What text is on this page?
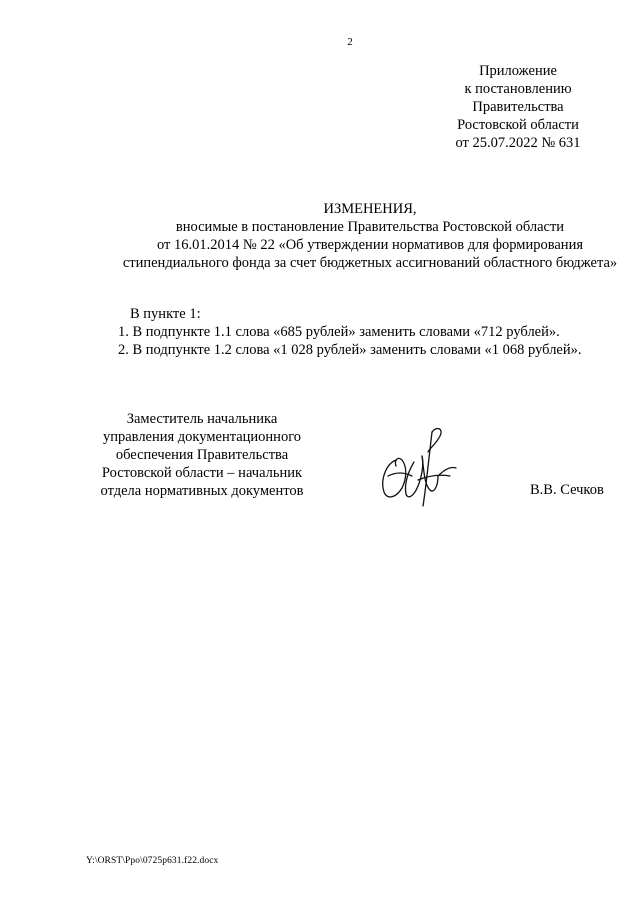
2
Приложение
к постановлению
Правительства
Ростовской области
от 25.07.2022 № 631
ИЗМЕНЕНИЯ,
вносимые в постановление Правительства Ростовской области
от 16.01.2014 № 22 «Об утверждении нормативов для формирования
стипендиального фонда за счет бюджетных ассигнований областного бюджета»
В пункте 1:
1. В подпункте 1.1 слова «685 рублей» заменить словами «712 рублей».
2. В подпункте 1.2 слова «1 028 рублей» заменить словами «1 068 рублей».
Заместитель начальника
управления документационного
обеспечения Правительства
Ростовской области – начальник
отдела нормативных документов	В.В. Сечков
Y:\ORST\Ppo\0725p631.f22.docx
